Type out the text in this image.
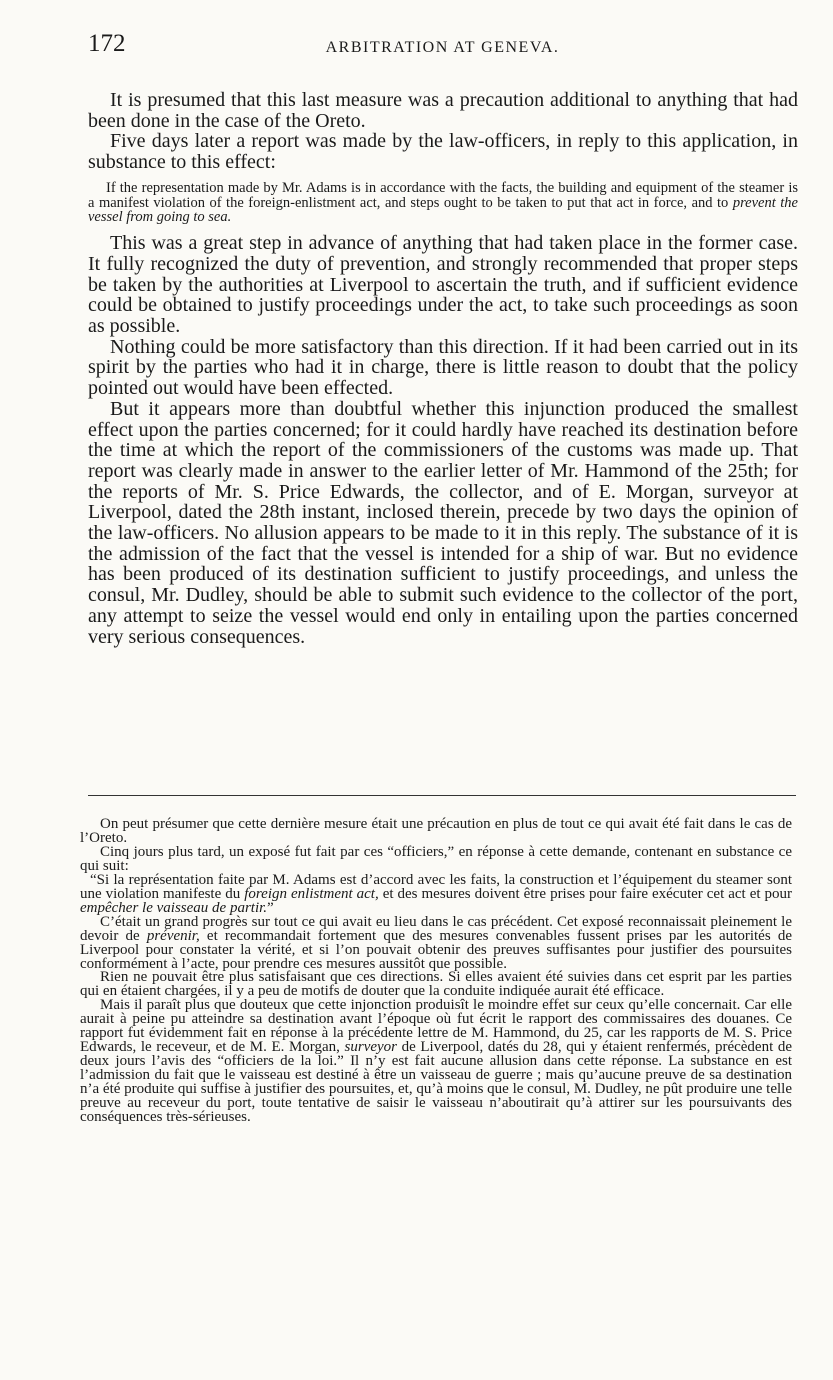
172	ARBITRATION AT GENEVA.

It is presumed that this last measure was a precaution additional to anything that had been done in the case of the Oreto.

Five days later a report was made by the law-officers, in reply to this application, in substance to this effect:

If the representation made by Mr. Adams is in accordance with the facts, the building and equipment of the steamer is a manifest violation of the foreign-enlistment act, and steps ought to be taken to put that act in force, and to prevent the vessel from going to sea.

This was a great step in advance of anything that had taken place in the former case. It fully recognized the duty of prevention, and strongly recommended that proper steps be taken by the authorities at Liverpool to ascertain the truth, and if sufficient evidence could be obtained to justify proceedings under the act, to take such proceedings as soon as possible.

Nothing could be more satisfactory than this direction. If it had been carried out in its spirit by the parties who had it in charge, there is little reason to doubt that the policy pointed out would have been effected.

But it appears more than doubtful whether this injunction produced the smallest effect upon the parties concerned; for it could hardly have reached its destination before the time at which the report of the commissioners of the customs was made up. That report was clearly made in answer to the earlier letter of Mr. Hammond of the 25th; for the reports of Mr. S. Price Edwards, the collector, and of E. Morgan, surveyor at Liverpool, dated the 28th instant, inclosed therein, precede by two days the opinion of the law-officers. No allusion appears to be made to it in this reply. The substance of it is the admission of the fact that the vessel is intended for a ship of war. But no evidence has been produced of its destination sufficient to justify proceedings, and unless the consul, Mr. Dudley, should be able to submit such evidence to the collector of the port, any attempt to seize the vessel would end only in entailing upon the parties concerned very serious consequences.

On peut présumer que cette dernière mesure était une précaution en plus de tout ce qui avait été fait dans le cas de l’Oreto.

Cinq jours plus tard, un exposé fut fait par ces “officiers,” en réponse à cette demande, contenant en substance ce qui suit:

“Si la représentation faite par M. Adams est d’accord avec les faits, la construction et l’équipement du steamer sont une violation manifeste du foreign enlistment act, et des mesures doivent être prises pour faire exécuter cet act et pour empêcher le vaisseau de partir.”

C’était un grand progrès sur tout ce qui avait eu lieu dans le cas précédent. Cet exposé reconnaissait pleinement le devoir de prévenir, et recommandait fortement que des mesures convenables fussent prises par les autorités de Liverpool pour constater la vérité, et si l’on pouvait obtenir des preuves suffisantes pour justifier des poursuites conformément à l’acte, pour prendre ces mesures aussitôt que possible.

Rien ne pouvait être plus satisfaisant que ces directions. Si elles avaient été suivies dans cet esprit par les parties qui en étaient chargées, il y a peu de motifs de douter que la conduite indiquée aurait été efficace.

Mais il paraît plus que douteux que cette injonction produisît le moindre effet sur ceux qu’elle concernait. Car elle aurait à peine pu atteindre sa destination avant l’époque où fut écrit le rapport des commissaires des douanes. Ce rapport fut évidemment fait en réponse à la précédente lettre de M. Hammond, du 25, car les rapports de M. S. Price Edwards, le receveur, et de M. E. Morgan, surveyor de Liverpool, datés du 28, qui y étaient renfermés, précèdent de deux jours l’avis des “officiers de la loi.” Il n’y est fait aucune allusion dans cette réponse. La substance en est l’admission du fait que le vaisseau est destiné à être un vaisseau de guerre ; mais qu’aucune preuve de sa destination n’a été produite qui suffise à justifier des poursuites, et, qu’à moins que le consul, M. Dudley, ne pût produire une telle preuve au receveur du port, toute tentative de saisir le vaisseau n’aboutirait qu’à attirer sur les poursuivants des conséquences très-sérieuses.
